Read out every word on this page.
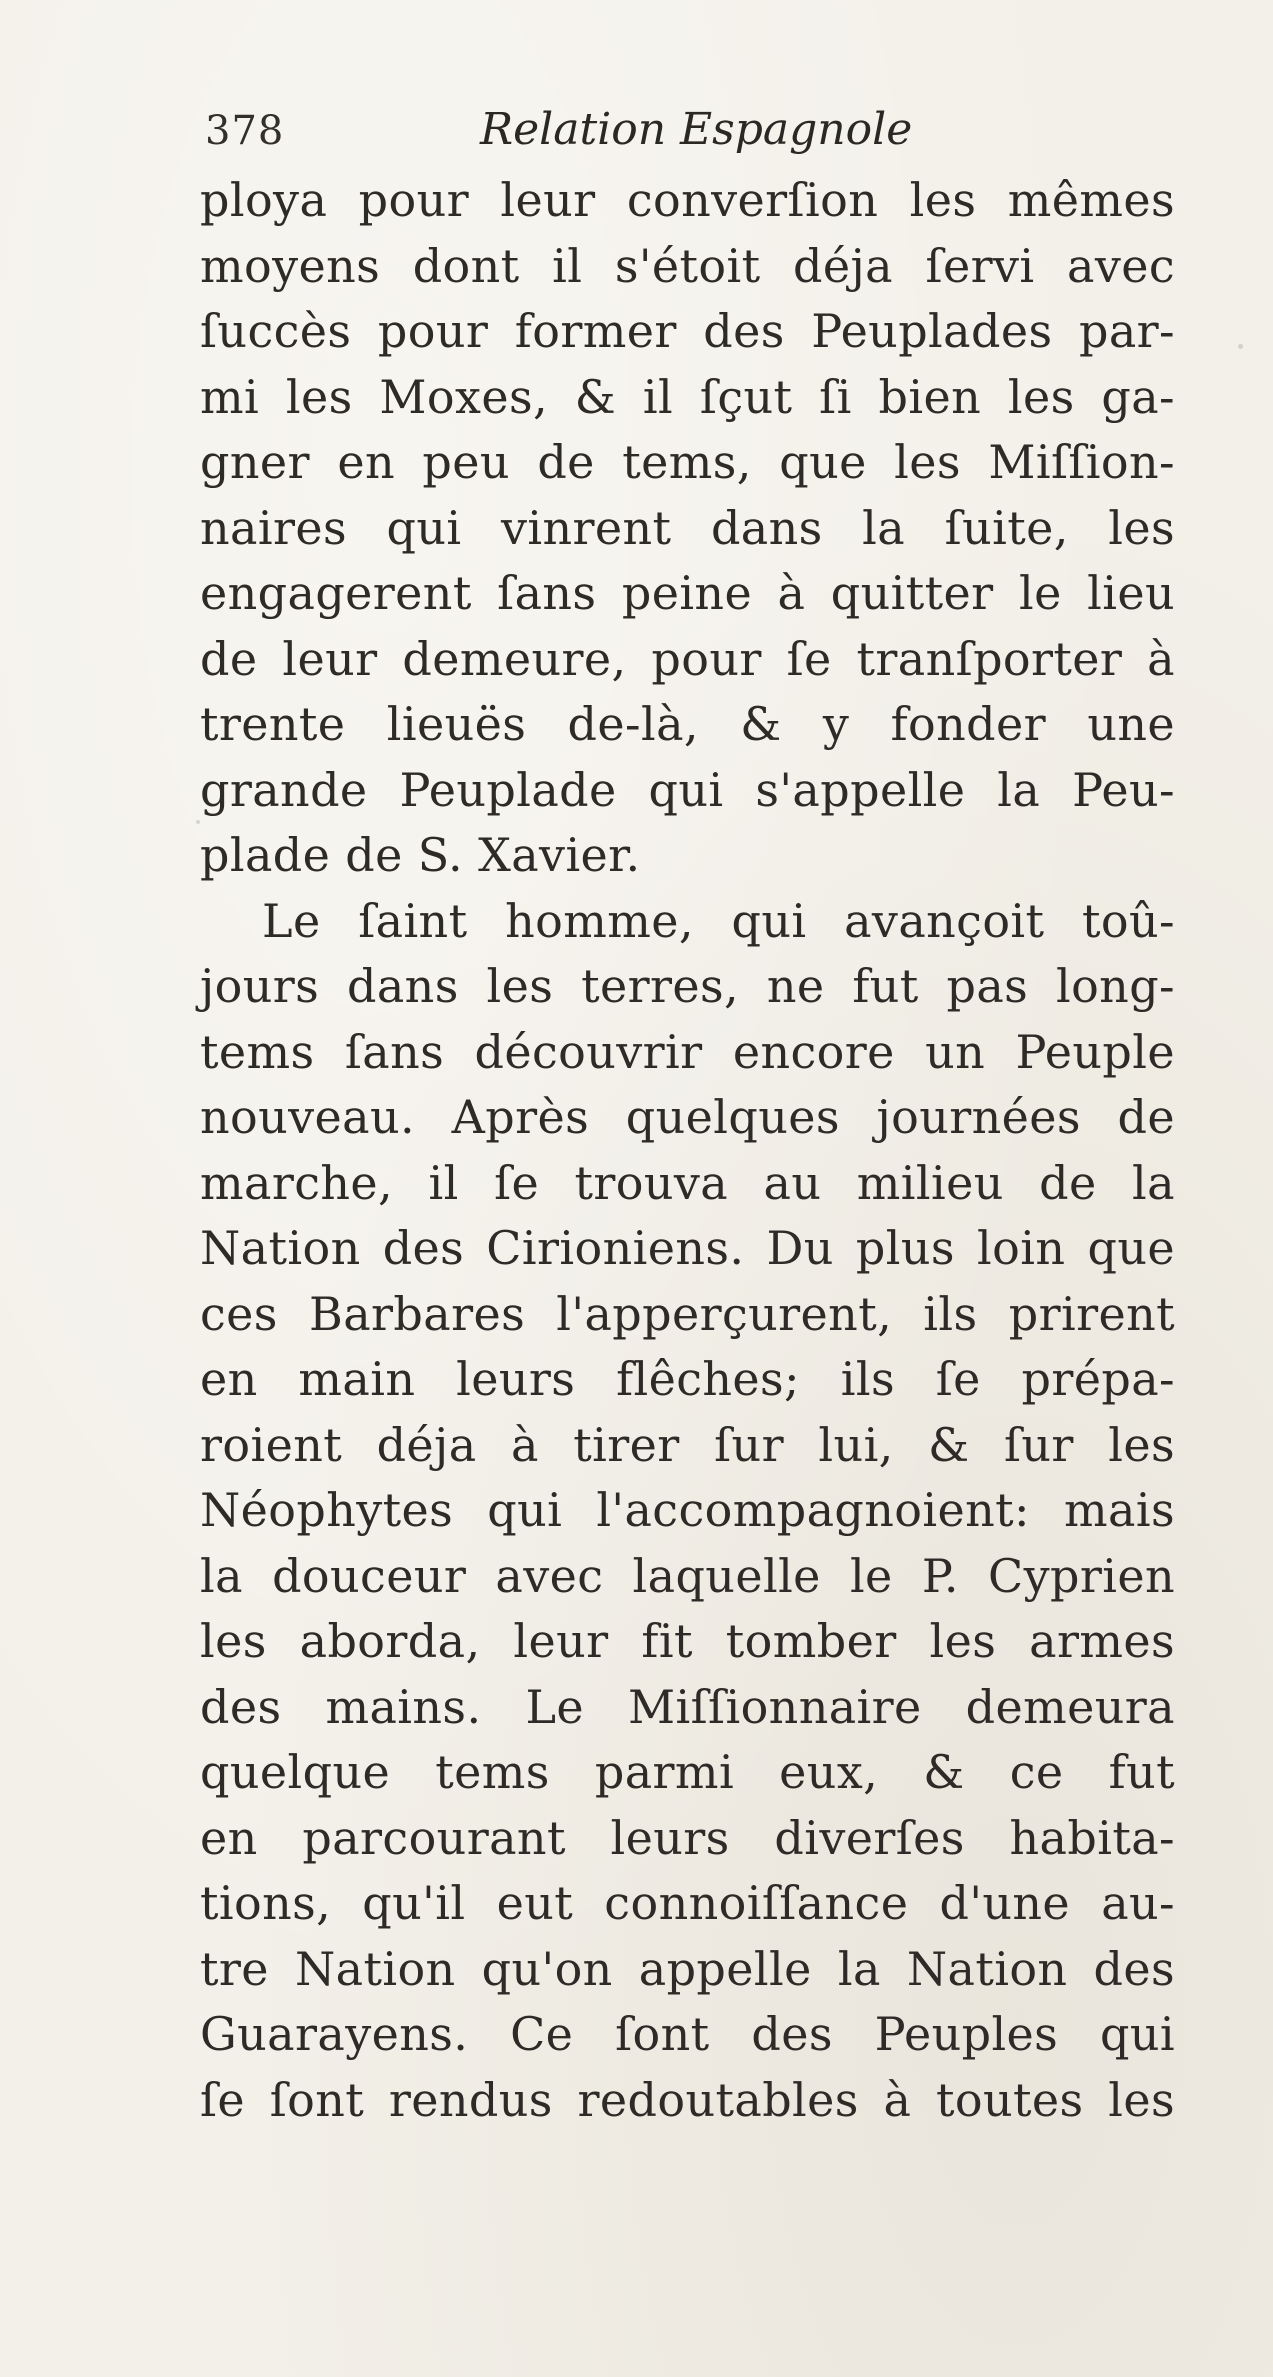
378	Relation Espagnole
ploya pour leur converſion les mêmes
moyens dont il s'étoit déja ſervi avec
ſuccès pour former des Peuplades par-
mi les Moxes, & il ſçut ſi bien les ga-
gner en peu de tems, que les Miſſion-
naires qui vinrent dans la ſuite, les
engagerent ſans peine à quitter le lieu
de leur demeure, pour ſe tranſporter à
trente lieuës de-là, & y fonder une
grande Peuplade qui s'appelle la Peu-
plade de S. Xavier.
Le ſaint homme, qui avançoit toû-
jours dans les terres, ne fut pas long-
tems ſans découvrir encore un Peuple
nouveau. Après quelques journées de
marche, il ſe trouva au milieu de la
Nation des Cirioniens. Du plus loin que
ces Barbares l'apperçurent, ils prirent
en main leurs flêches; ils ſe prépa-
roient déja à tirer ſur lui, & ſur les
Néophytes qui l'accompagnoient: mais
la douceur avec laquelle le P. Cyprien
les aborda, leur fit tomber les armes
des mains. Le Miſſionnaire demeura
quelque tems parmi eux, & ce fut
en parcourant leurs diverſes habita-
tions, qu'il eut connoiſſance d'une au-
tre Nation qu'on appelle la Nation des
Guarayens. Ce ſont des Peuples qui
ſe ſont rendus redoutables à toutes les
